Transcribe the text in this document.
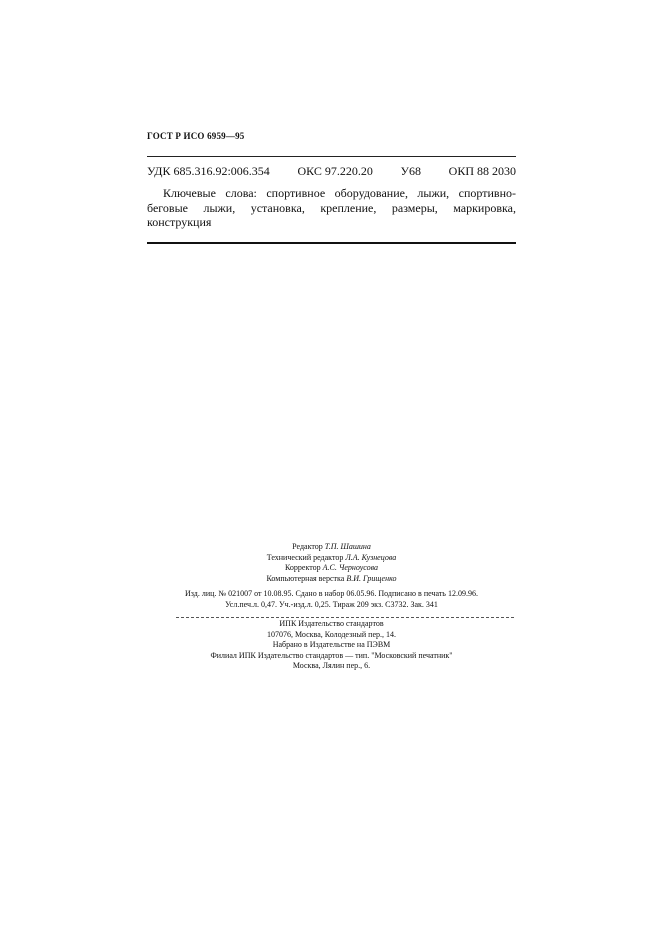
ГОСТ Р ИСО 6959—95
УДК 685.316.92:006.354 ОКС 97.220.20 У68 ОКП 88 2030
Ключевые слова: спортивное оборудование, лыжи, спортивно-беговые лыжи, установка, крепление, размеры, маркировка, конструкция
Редактор Т.П. Шашина
Технический редактор Л.А. Кузнецова
Корректор А.С. Черноусова
Компьютерная верстка В.И. Грищенко
Изд. лиц. № 021007 от 10.08.95. Сдано в набор 06.05.96. Подписано в печать 12.09.96.
Усл.печ.л. 0,47. Уч.-изд.л. 0,25. Тираж 209 экз. С3732. Зак. 341
ИПК Издательство стандартов
107076, Москва, Колодезный пер., 14.
Набрано в Издательстве на ПЭВМ
Филиал ИПК Издательство стандартов — тип. "Московский печатник"
Москва, Лялин пер., 6.
